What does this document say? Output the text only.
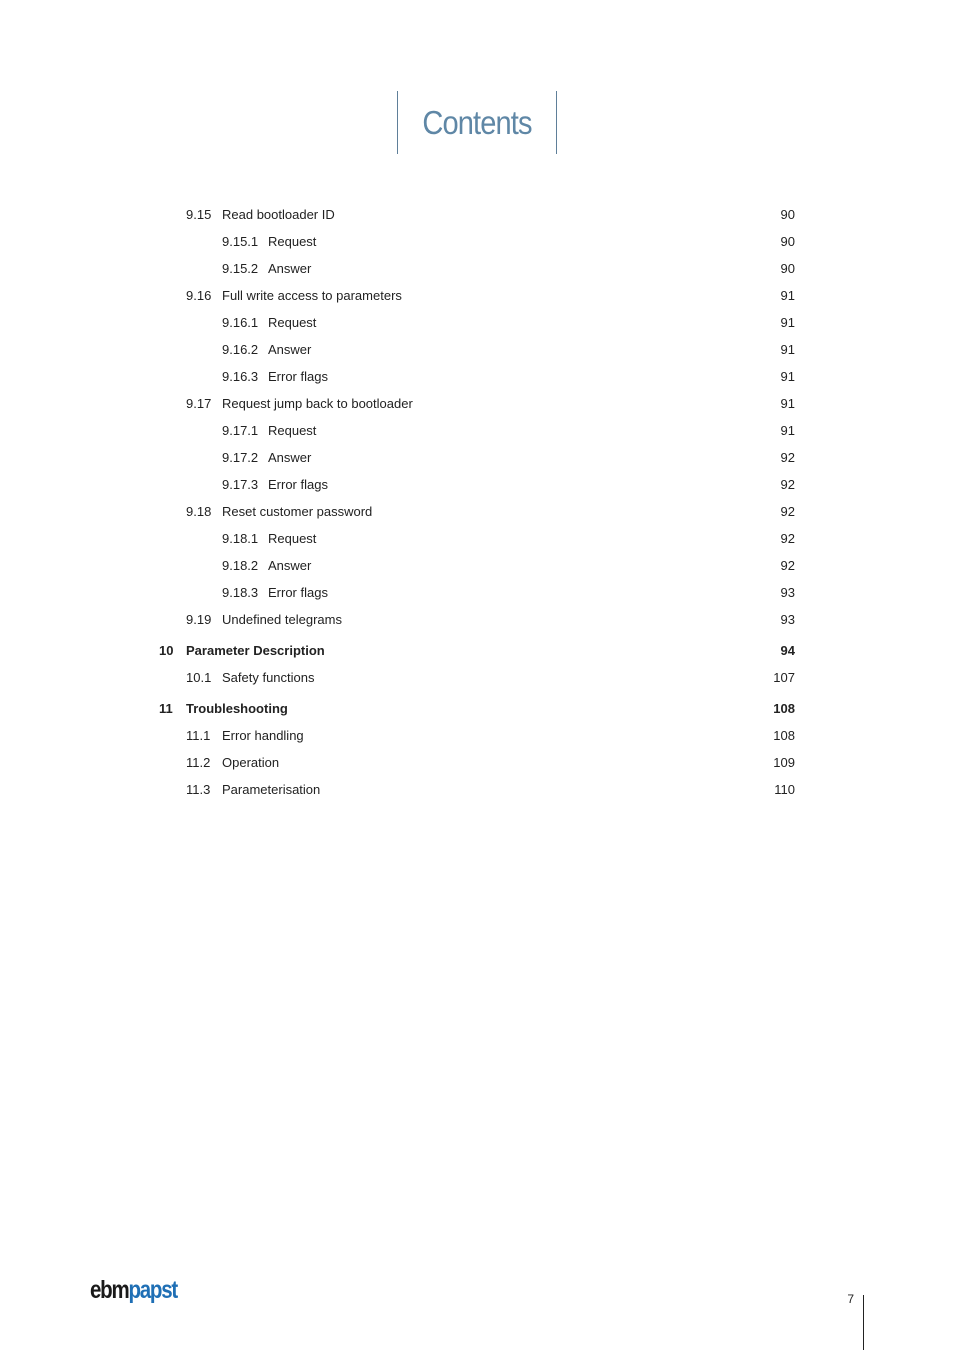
Contents
9.15 Read bootloader ID	90
9.15.1 Request	90
9.15.2 Answer	90
9.16 Full write access to parameters	91
9.16.1 Request	91
9.16.2 Answer	91
9.16.3 Error flags	91
9.17 Request jump back to bootloader	91
9.17.1 Request	91
9.17.2 Answer	92
9.17.3 Error flags	92
9.18 Reset customer password	92
9.18.1 Request	92
9.18.2 Answer	92
9.18.3 Error flags	93
9.19 Undefined telegrams	93
10 Parameter Description	94
10.1 Safety functions	107
11 Troubleshooting	108
11.1 Error handling	108
11.2 Operation	109
11.3 Parameterisation	110
ebmpapst	7
